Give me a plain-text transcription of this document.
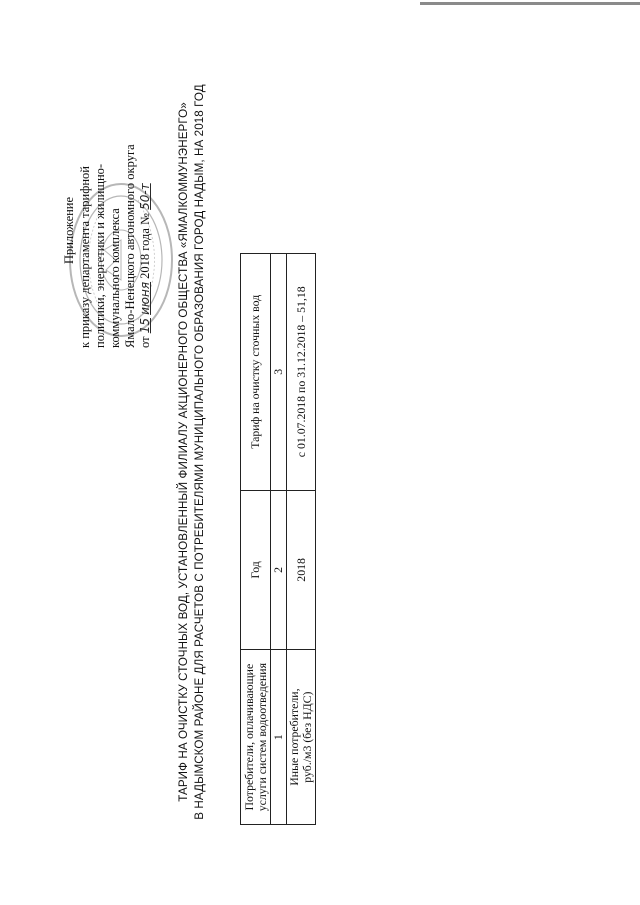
Приложение к приказу департамента тарифной политики, энергетики и жилищно- коммунального комплекса Ямало-Ненецкого автономного округа от 15 июня 2018 года № 50-т ТАРИФ НА ОЧИСТКУ СТОЧНЫХ ВОД, УСТАНОВЛЕННЫЙ ФИЛИАЛУ АКЦИОНЕРНОГО ОБЩЕСТВА «ЯМАЛКОММУНЭНЕРГО» В НАДЫМСКОМ РАЙОНЕ ДЛЯ РАСЧЕТОВ С ПОТРЕБИТЕЛЯМИ МУНИЦИПАЛЬНОГО ОБРАЗОВАНИЯ ГОРОД НАДЫМ, НА 2018 ГОД	Потребители, оплачивающие услуги систем водоотведения	Год	Тариф на очистку сточных вод
1	2	3

Иные потребители, руб./м3 (без НДС)	2018	с 01.07.2018 по 31.12.2018 – 51,18
